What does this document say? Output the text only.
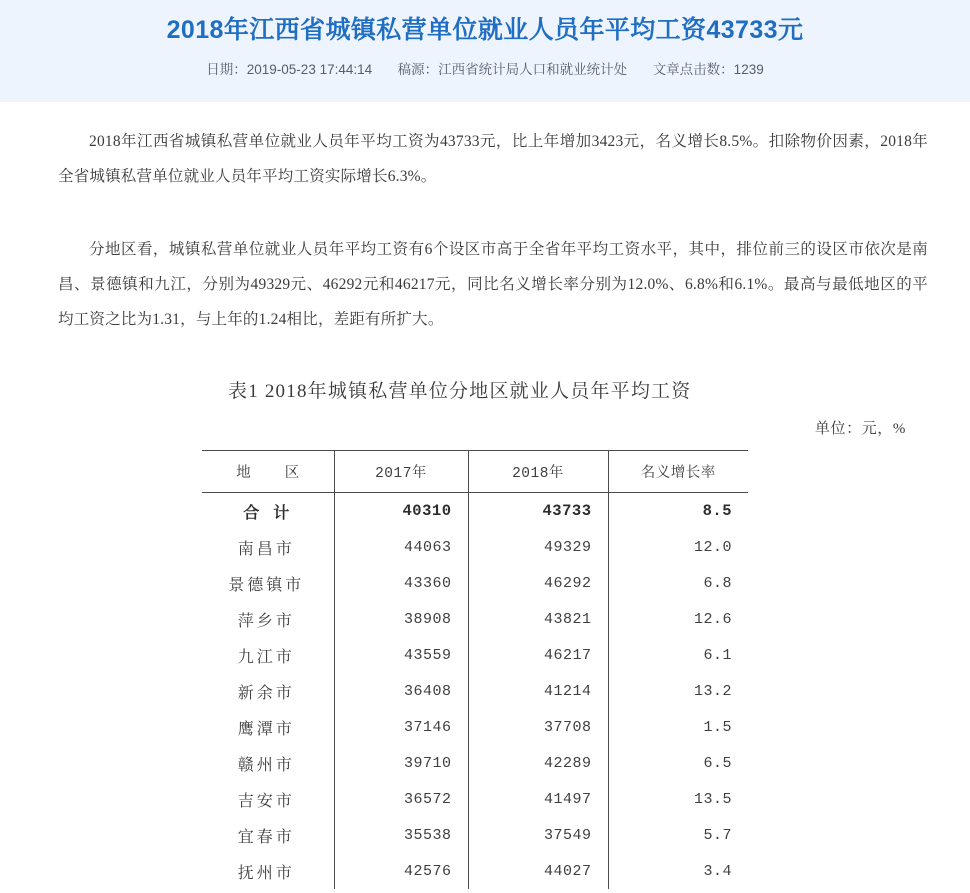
2018年江西省城镇私营单位就业人员年平均工资43733元
日期：2019-05-23 17:44:14 稿源：江西省统计局人口和就业统计处 文章点击数：1239

2018年江西省城镇私营单位就业人员年平均工资为43733元，比上年增加3423元，名义增长8.5%。扣除物价因素，2018年全省城镇私营单位就业人员年平均工资实际增长6.3%。

分地区看，城镇私营单位就业人员年平均工资有6个设区市高于全省年平均工资水平，其中，排位前三的设区市依次是南昌、景德镇和九江，分别为49329元、46292元和46217元，同比名义增长率分别为12.0%、6.8%和6.1%。最高与最低地区的平均工资之比为1.31，与上年的1.24相比，差距有所扩大。

表1 2018年城镇私营单位分地区就业人员年平均工资
单位：元，%
地 区	2017年	2018年	名义增长率
合计	40310	43733	8.5
南昌市	44063	49329	12.0
景德镇市	43360	46292	6.8
萍乡市	38908	43821	12.6
九江市	43559	46217	6.1
新余市	36408	41214	13.2
鹰潭市	37146	37708	1.5
赣州市	39710	42289	6.5
吉安市	36572	41497	13.5
宜春市	35538	37549	5.7
抚州市	42576	44027	3.4
